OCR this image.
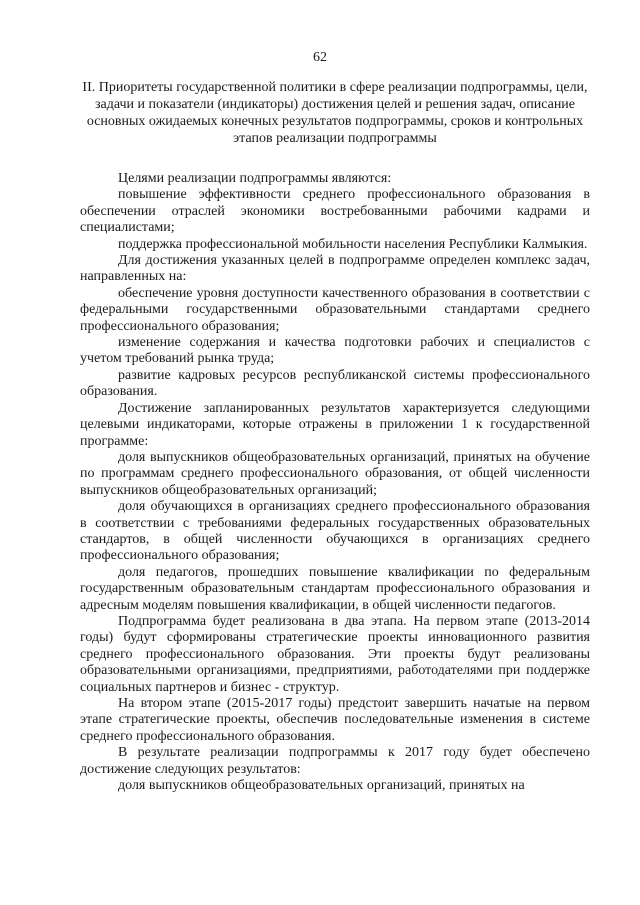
62
II. Приоритеты государственной политики в сфере реализации подпрограммы, цели, задачи и показатели (индикаторы) достижения целей и решения задач, описание основных ожидаемых конечных результатов подпрограммы, сроков и контрольных этапов реализации подпрограммы

Целями реализации подпрограммы являются:

повышение эффективности среднего профессионального образования в обеспечении отраслей экономики востребованными рабочими кадрами и специалистами;

поддержка профессиональной мобильности населения Республики Калмыкия.

Для достижения указанных целей в подпрограмме определен комплекс задач, направленных на:

обеспечение уровня доступности качественного образования в соответствии с федеральными государственными образовательными стандартами среднего профессионального образования;

изменение содержания и качества подготовки рабочих и специалистов с учетом требований рынка труда;

развитие кадровых ресурсов республиканской системы профессионального образования.

Достижение запланированных результатов характеризуется следующими целевыми индикаторами, которые отражены в приложении 1 к государственной программе:

доля выпускников общеобразовательных организаций, принятых на обучение по программам среднего профессионального образования, от общей численности выпускников общеобразовательных организаций;

доля обучающихся в организациях среднего профессионального образования в соответствии с требованиями федеральных государственных образовательных стандартов, в общей численности обучающихся в организациях среднего профессионального образования;

доля педагогов, прошедших повышение квалификации по федеральным государственным образовательным стандартам профессионального образования и адресным моделям повышения квалификации, в общей численности педагогов.

Подпрограмма будет реализована в два этапа. На первом этапе (2013-2014 годы) будут сформированы стратегические проекты инновационного развития среднего профессионального образования. Эти проекты будут реализованы образовательными организациями, предприятиями, работодателями при поддержке социальных партнеров и бизнес - структур.

На втором этапе (2015-2017 годы) предстоит завершить начатые на первом этапе стратегические проекты, обеспечив последовательные изменения в системе среднего профессионального образования.

В результате реализации подпрограммы к 2017 году будет обеспечено достижение следующих результатов:

доля выпускников общеобразовательных организаций, принятых на
